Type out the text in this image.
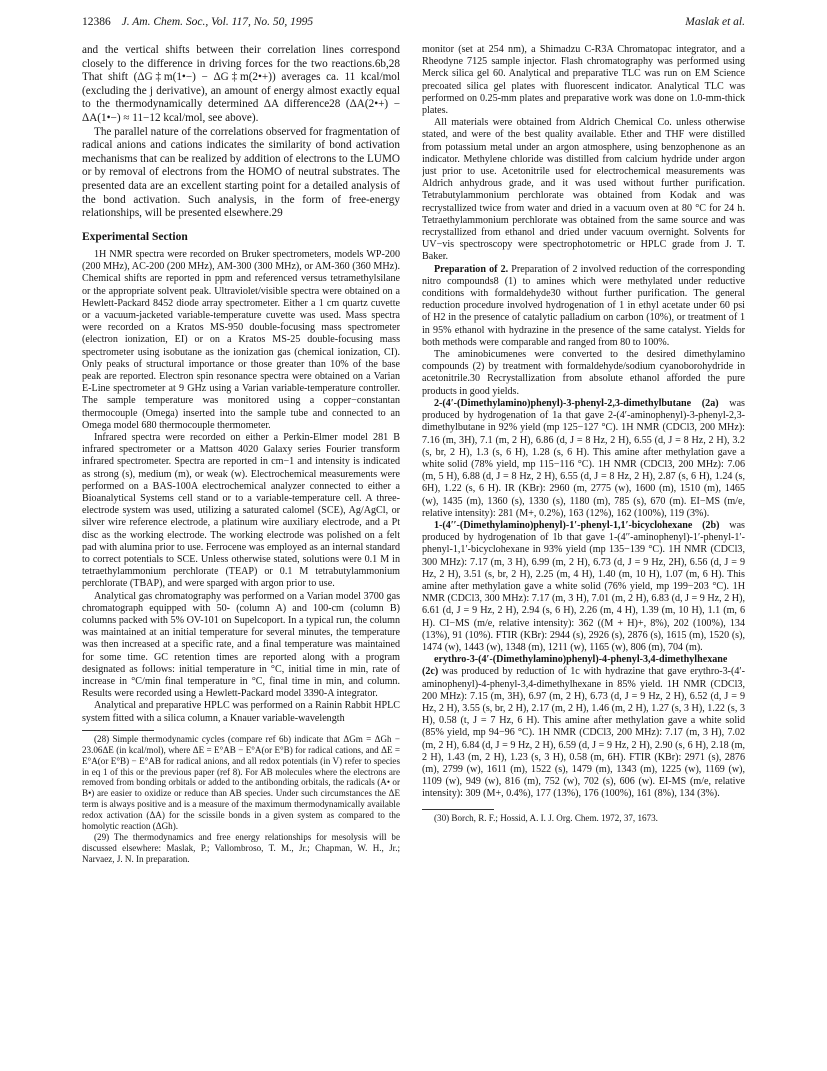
12386 J. Am. Chem. Soc., Vol. 117, No. 50, 1995	Maslak et al.

and the vertical shifts between their correlation lines correspond closely to the difference in driving forces for the two reactions.6b,28 That shift (ΔG‡m(1•−) − ΔG‡m(2•+)) averages ca. 11 kcal/mol (excluding the j derivative), an amount of energy almost exactly equal to the thermodynamically determined ΔA difference28 (ΔA(2•+) − ΔA(1•−) ≈ 11−12 kcal/mol, see above).

The parallel nature of the correlations observed for fragmentation of radical anions and cations indicates the similarity of bond activation mechanisms that can be realized by addition of electrons to the LUMO or by removal of electrons from the HOMO of neutral substrates. The presented data are an excellent starting point for a detailed analysis of the bond activation. Such analysis, in the form of free-energy relationships, will be presented elsewhere.29

Experimental Section

1H NMR spectra were recorded on Bruker spectrometers, models WP-200 (200 MHz), AC-200 (200 MHz), AM-300 (300 MHz), or AM-360 (360 MHz). Chemical shifts are reported in ppm and referenced versus tetramethylsilane or the appropriate solvent peak. Ultraviolet/visible spectra were obtained on a Hewlett-Packard 8452 diode array spectrometer. Either a 1 cm quartz cuvette or a vacuum-jacketed variable-temperature cuvette was used. Mass spectra were recorded on a Kratos MS-950 double-focusing mass spectrometer (electron ionization, EI) or on a Kratos MS-25 double-focusing mass spectrometer using isobutane as the ionization gas (chemical ionization, CI). Only peaks of structural importance or those greater than 10% of the base peak are reported. Electron spin resonance spectra were obtained on a Varian E-Line spectrometer at 9 GHz using a Varian variable-temperature controller. The sample temperature was monitored using a copper−constantan thermocouple (Omega) inserted into the sample tube and connected to an Omega model 680 thermocouple thermometer.

Infrared spectra were recorded on either a Perkin-Elmer model 281 B infrared spectrometer or a Mattson 4020 Galaxy series Fourier transform infrared spectrometer. Spectra are reported in cm−1 and intensity is indicated as strong (s), medium (m), or weak (w). Electrochemical measurements were performed on a BAS-100A electrochemical analyzer connected to either a Bioanalytical Systems cell stand or to a variable-temperature cell. A three-electrode system was used, utilizing a saturated calomel (SCE), Ag/AgCl, or silver wire reference electrode, a platinum wire auxiliary electrode, and a Pt disc as the working electrode. The working electrode was polished on a felt pad with alumina prior to use. Ferrocene was employed as an internal standard to correct potentials to SCE. Unless otherwise stated, solutions were 0.1 M in tetraethylammonium perchlorate (TEAP) or 0.1 M tetrabutylammonium perchlorate (TBAP), and were sparged with argon prior to use.

Analytical gas chromatography was performed on a Varian model 3700 gas chromatograph equipped with 50- (column A) and 100-cm (column B) columns packed with 5% OV-101 on Supelcoport. In a typical run, the column was maintained at an initial temperature for several minutes, the temperature was then increased at a specific rate, and a final temperature was maintained for some time. GC retention times are reported along with a program designated as follows: initial temperature in °C, initial time in min, rate of increase in °C/min final temperature in °C, final time in min, and column. Results were recorded using a Hewlett-Packard model 3390-A integrator.

Analytical and preparative HPLC was performed on a Rainin Rabbit HPLC system fitted with a silica column, a Knauer variable-wavelength

(28) Simple thermodynamic cycles (compare ref 6b) indicate that ΔGm = ΔGh − 23.06ΔE (in kcal/mol), where ΔE = E°AB − E°A(or E°B) for radical cations, and ΔE = E°A(or E°B) − E°AB for radical anions, and all redox potentials (in V) refer to species in eq 1 of this or the previous paper (ref 8). For AB molecules where the electrons are removed from bonding orbitals or added to the antibonding orbitals, the radicals (A• or B•) are easier to oxidize or reduce than AB species. Under such circumstances the ΔE term is always positive and is a measure of the maximum thermodynamically available redox activation (ΔA) for the scissile bonds in a given system as compared to the homolytic reaction (ΔGh).

(29) The thermodynamics and free energy relationships for mesolysis will be discussed elsewhere: Maslak, P.; Vallombroso, T. M., Jr.; Chapman, W. H., Jr.; Narvaez, J. N. In preparation.

monitor (set at 254 nm), a Shimadzu C-R3A Chromatopac integrator, and a Rheodyne 7125 sample injector. Flash chromatography was performed using Merck silica gel 60. Analytical and preparative TLC was run on EM Science precoated silica gel plates with fluorescent indicator. Analytical TLC was performed on 0.25-mm plates and preparative work was done on 1.0-mm-thick plates.

All materials were obtained from Aldrich Chemical Co. unless otherwise stated, and were of the best quality available. Ether and THF were distilled from potassium metal under an argon atmosphere, using benzophenone as an indicator. Methylene chloride was distilled from calcium hydride under argon just prior to use. Acetonitrile used for electrochemical measurements was Aldrich anhydrous grade, and it was used without further purification. Tetrabutylammonium perchlorate was obtained from Kodak and was recrystallized twice from water and dried in a vacuum oven at 80 °C for 24 h. Tetraethylammonium perchlorate was obtained from the same source and was recrystallized from ethanol and dried under vacuum overnight. Solvents for UV−vis spectroscopy were spectrophotometric or HPLC grade from J. T. Baker.

Preparation of 2. Preparation of 2 involved reduction of the corresponding nitro compounds8 (1) to amines which were methylated under reductive conditions with formaldehyde30 without further purification. The general reduction procedure involved hydrogenation of 1 in ethyl acetate under 60 psi of H2 in the presence of catalytic palladium on carbon (10%), or treatment of 1 in 95% ethanol with hydrazine in the presence of the same catalyst. Yields for both methods were comparable and ranged from 80 to 100%.

The aminobicumenes were converted to the desired dimethylamino compounds (2) by treatment with formaldehyde/sodium cyanoborohydride in acetonitrile.30 Recrystallization from absolute ethanol afforded the pure products in good yields.

2-(4′-(Dimethylamino)phenyl)-3-phenyl-2,3-dimethylbutane (2a) was produced by hydrogenation of 1a that gave 2-(4′-aminophenyl)-3-phenyl-2,3-dimethylbutane in 92% yield (mp 125−127 °C). 1H NMR (CDCl3, 200 MHz): 7.16 (m, 3H), 7.1 (m, 2 H), 6.86 (d, J = 8 Hz, 2 H), 6.55 (d, J = 8 Hz, 2 H), 3.2 (s, br, 2 H), 1.3 (s, 6 H), 1.28 (s, 6 H). This amine after methylation gave a white solid (78% yield, mp 115−116 °C). 1H NMR (CDCl3, 200 MHz): 7.06 (m, 5 H), 6.88 (d, J = 8 Hz, 2 H), 6.55 (d, J = 8 Hz, 2 H), 2.87 (s, 6 H), 1.24 (s, 6H), 1.22 (s, 6 H). IR (KBr): 2960 (m, 2775 (w), 1600 (m), 1510 (m), 1465 (w), 1435 (m), 1360 (s), 1330 (s), 1180 (m), 785 (s), 670 (m). EI−MS (m/e, relative intensity): 281 (M+, 0.2%), 163 (12%), 162 (100%), 119 (3%).

1-(4′′-(Dimethylamino)phenyl)-1′-phenyl-1,1′-bicyclohexane (2b) was produced by hydrogenation of 1b that gave 1-(4′′-aminophenyl)-1′-phenyl-1′-phenyl-1,1′-bicyclohexane in 93% yield (mp 135−139 °C). 1H NMR (CDCl3, 300 MHz): 7.17 (m, 3 H), 6.99 (m, 2 H), 6.73 (d, J = 9 Hz, 2H), 6.56 (d, J = 9 Hz, 2 H), 3.51 (s, br, 2 H), 2.25 (m, 4 H), 1.40 (m, 10 H), 1.07 (m, 6 H). This amine after methylation gave a white solid (76% yield, mp 199−203 °C). 1H NMR (CDCl3, 300 MHz): 7.17 (m, 3 H), 7.01 (m, 2 H), 6.83 (d, J = 9 Hz, 2 H), 6.61 (d, J = 9 Hz, 2 H), 2.94 (s, 6 H), 2.26 (m, 4 H), 1.39 (m, 10 H), 1.1 (m, 6 H). CI−MS (m/e, relative intensity): 362 ((M + H)+, 8%), 202 (100%), 134 (13%), 91 (10%). FTIR (KBr): 2944 (s), 2926 (s), 2876 (s), 1615 (m), 1520 (s), 1474 (w), 1443 (w), 1348 (m), 1211 (w), 1165 (w), 806 (m), 704 (m).

erythro-3-(4′-(Dimethylamino)phenyl)-4-phenyl-3,4-dimethylhexane (2c) was produced by reduction of 1c with hydrazine that gave erythro-3-(4′-aminophenyl)-4-phenyl-3,4-dimethylhexane in 85% yield. 1H NMR (CDCl3, 200 MHz): 7.15 (m, 3H), 6.97 (m, 2 H), 6.73 (d, J = 9 Hz, 2 H), 6.52 (d, J = 9 Hz, 2 H), 3.55 (s, br, 2 H), 2.17 (m, 2 H), 1.46 (m, 2 H), 1.27 (s, 3 H), 1.22 (s, 3 H), 0.58 (t, J = 7 Hz, 6 H). This amine after methylation gave a white solid (85% yield, mp 94−96 °C). 1H NMR (CDCl3, 200 MHz): 7.17 (m, 3 H), 7.02 (m, 2 H), 6.84 (d, J = 9 Hz, 2 H), 6.59 (d, J = 9 Hz, 2 H), 2.90 (s, 6 H), 2.18 (m, 2 H), 1.43 (m, 2 H), 1.23 (s, 3 H), 0.58 (m, 6H). FTIR (KBr): 2971 (s), 2876 (m), 2799 (w), 1611 (m), 1522 (s), 1479 (m), 1343 (m), 1225 (w), 1169 (w), 1109 (w), 949 (w), 816 (m), 752 (w), 702 (s), 606 (w). EI-MS (m/e, relative intensity): 309 (M+, 0.4%), 177 (13%), 176 (100%), 161 (8%), 134 (3%).

(30) Borch, R. F.; Hossid, A. I. J. Org. Chem. 1972, 37, 1673.
